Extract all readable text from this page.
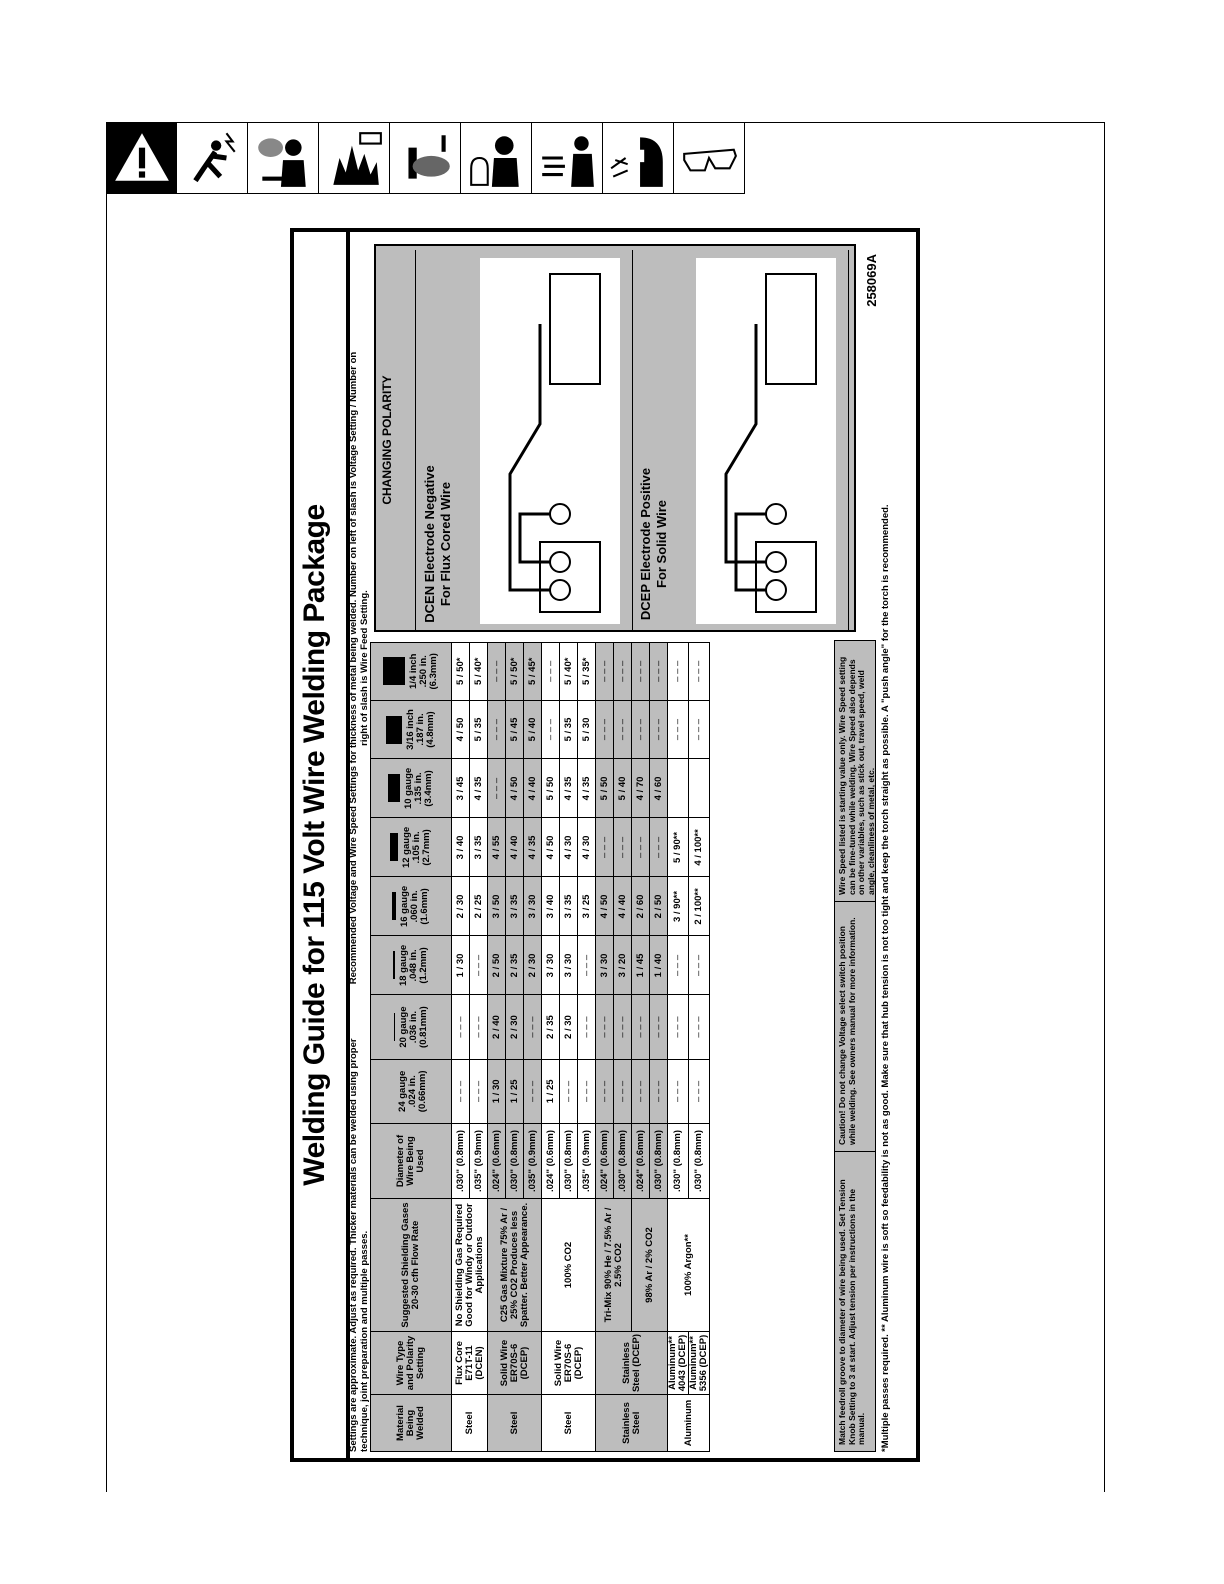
Welding Guide for 115 Volt Wire Welding Package
Settings are approximate. Adjust as required. Thicker materials can be welded using proper technique, joint preparation and multiple passes.
Recommended Voltage and Wire Speed Settings for thickness of metal being welded. Number on left of slash is Voltage Setting / Number on right of slash is Wire Feed Setting.
Material Being Welded	Wire Type and Polarity Setting	Suggested Shielding Gases 20-30 cfh Flow Rate	Diameter of Wire Being Used	24 gauge .024 in. (0.66mm)	20 gauge .036 in. (0.81mm)	18 gauge .048 in. (1.2mm)	16 gauge .060 in. (1.6mm)	12 gauge .105 in. (2.7mm)	10 gauge .135 in. (3.4mm)	3/16 inch .187 in. (4.8mm)	1/4 inch .250 in. (6.3mm)
Steel	Flux Core E71T-11 (DCEN)	No Shielding Gas Required Good for Windy or Outdoor Applications	.030" (0.8mm)	– – –	– – –	1 / 30	2 / 30	3 / 40	3 / 45	4 / 50	5 / 50*
			.035" (0.9mm)	– – –	– – –	– – –	2 / 25	3 / 35	4 / 35	5 / 35	5 / 40*
Steel	Solid Wire ER70S-6 (DCEP)	C25 Gas Mixture 75% Ar / 25% CO2 Produces less Spatter. Better Appearance.	.024" (0.6mm)	1 / 30	2 / 40	2 / 50	3 / 50	4 / 55	– – –	– – –	– – –
			.030" (0.8mm)	1 / 25	2 / 30	2 / 35	3 / 35	4 / 40	4 / 50	5 / 45	5 / 50*
			.035" (0.9mm)	– – –	– – –	2 / 30	3 / 30	4 / 35	4 / 40	5 / 40	5 / 45*
Steel	Solid Wire ER70S-6 (DCEP)	100% CO2	.024" (0.6mm)	1 / 25	2 / 35	3 / 30	3 / 40	4 / 50	5 / 50	– – –	– – –
			.030" (0.8mm)	– – –	2 / 30	3 / 30	3 / 35	4 / 30	4 / 35	5 / 35	5 / 40*
			.035" (0.9mm)	– – –	– – –	– – –	3 / 25	4 / 30	4 / 35	5 / 30	5 / 35*
Stainless Steel	Stainless Steel (DCEP)	Tri-Mix 90% He / 7.5% Ar / 2.5% CO2	.024" (0.6mm)	– – –	– – –	3 / 30	4 / 50	– – –	5 / 50	– – –	– – –
			.030" (0.8mm)	– – –	– – –	3 / 20	4 / 40	– – –	5 / 40	– – –	– – –
		98% Ar / 2% CO2	.024" (0.6mm)	– – –	– – –	1 / 45	2 / 60	– – –	4 / 70	– – –	– – –
			.030" (0.8mm)	– – –	– – –	1 / 40	2 / 50	– – –	4 / 60	– – –	– – –
Aluminum	Aluminum** 4043 (DCEP)	100% Argon**	.030" (0.8mm)	– – –	– – –	– – –	3 / 90**	5 / 90**		– – –	– – –
	Aluminum** 5356 (DCEP)		.030" (0.8mm)	– – –	– – –	– – –	2 / 100**	4 / 100**		– – –	– – –
Match feedroll groove to diameter of wire being used. Set Tension Knob Setting to 3 at start. Adjust tension per instructions in the manual.
Caution! Do not change Voltage select switch position while welding. See owners manual for more information.
Wire Speed listed is starting value only. Wire Speed setting can be fine-tuned while welding. Wire Speed also depends on other variables, such as stick out, travel speed, weld angle, cleanliness of metal, etc. *Multiple passes required. ** Aluminum wire is soft so feedability is not as good. Make sure that hub tension is not too tight and keep the torch straight as possible. A "push angle" for the torch is recommended.
CHANGING POLARITY
DCEN Electrode Negative For Flux Cored Wire	DCEP Electrode Positive For Solid Wire
258069A
